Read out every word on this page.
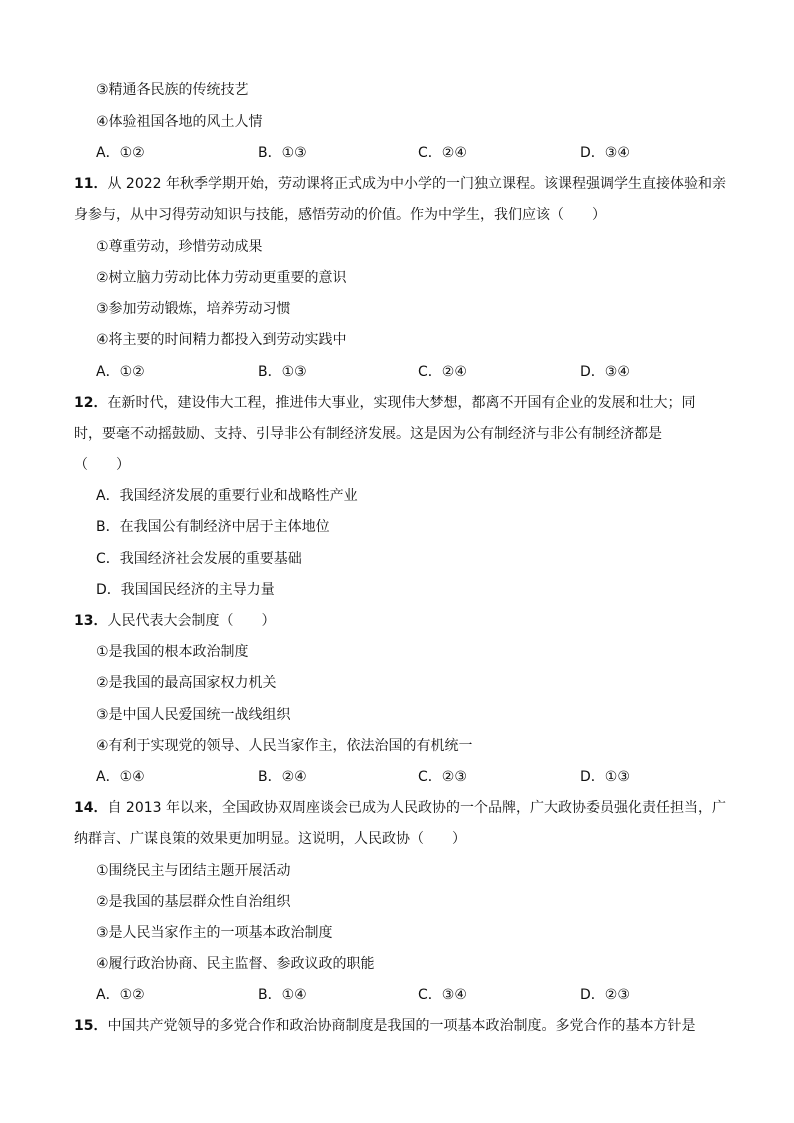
③精通各民族的传统技艺
④体验祖国各地的风土人情
A．①②	B．①③	C．②④	D．③④
11．从 2022 年秋季学期开始，劳动课将正式成为中小学的一门独立课程。该课程强调学生直接体验和亲
身参与，从中习得劳动知识与技能，感悟劳动的价值。作为中学生，我们应该（　　）
①尊重劳动，珍惜劳动成果
②树立脑力劳动比体力劳动更重要的意识
③参加劳动锻炼，培养劳动习惯
④将主要的时间精力都投入到劳动实践中
A．①②	B．①③	C．②④	D．③④
12．在新时代，建设伟大工程，推进伟大事业，实现伟大梦想，都离不开国有企业的发展和壮大；同
时，要毫不动摇鼓励、支持、引导非公有制经济发展。这是因为公有制经济与非公有制经济都是
（　　）
A．我国经济发展的重要行业和战略性产业
B．在我国公有制经济中居于主体地位
C．我国经济社会发展的重要基础
D．我国国民经济的主导力量
13．人民代表大会制度（　　）
①是我国的根本政治制度
②是我国的最高国家权力机关
③是中国人民爱国统一战线组织
④有利于实现党的领导、人民当家作主，依法治国的有机统一
A．①④	B．②④	C．②③	D．①③
14．自 2013 年以来，全国政协双周座谈会已成为人民政协的一个品牌，广大政协委员强化责任担当，广
纳群言、广谋良策的效果更加明显。这说明，人民政协（　　）
①围绕民主与团结主题开展活动
②是我国的基层群众性自治组织
③是人民当家作主的一项基本政治制度
④履行政治协商、民主监督、参政议政的职能
A．①②	B．①④	C．③④	D．②③
15．中国共产党领导的多党合作和政治协商制度是我国的一项基本政治制度。多党合作的基本方针是
